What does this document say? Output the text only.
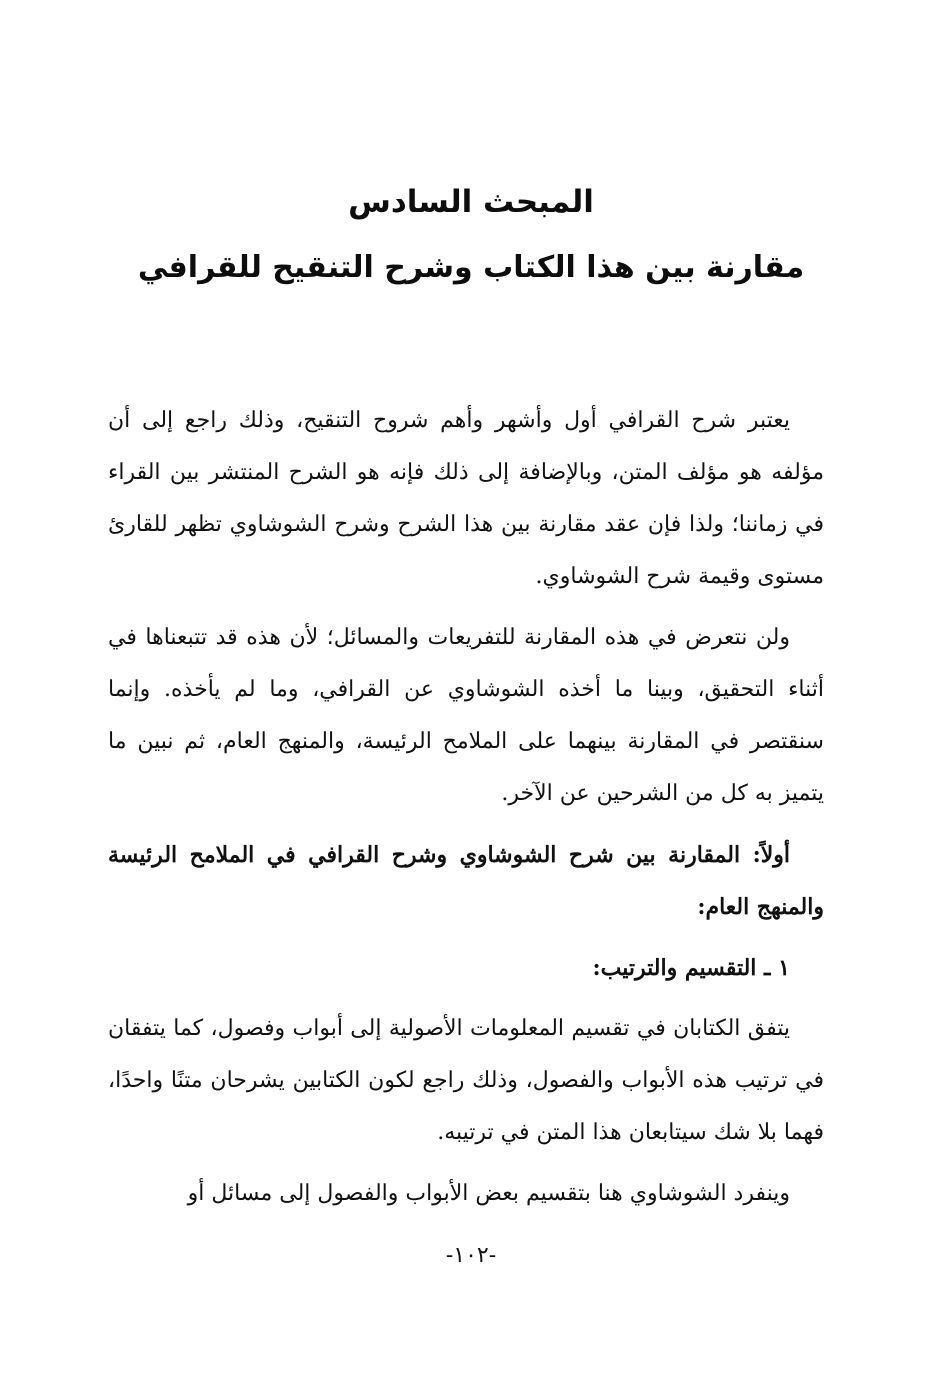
المبحث السادس
مقارنة بين هذا الكتاب وشرح التنقيح للقرافي

يعتبر شرح القرافي أول وأشهر وأهم شروح التنقيح، وذلك راجع إلى أن مؤلفه هو مؤلف المتن، وبالإضافة إلى ذلك فإنه هو الشرح المنتشر بين القراء في زماننا؛ ولذا فإن عقد مقارنة بين هذا الشرح وشرح الشوشاوي تظهر للقارئ مستوى وقيمة شرح الشوشاوي.

ولن نتعرض في هذه المقارنة للتفريعات والمسائل؛ لأن هذه قد تتبعناها في أثناء التحقيق، وبينا ما أخذه الشوشاوي عن القرافي، وما لم يأخذه. وإنما سنقتصر في المقارنة بينهما على الملامح الرئيسة، والمنهج العام، ثم نبين ما يتميز به كل من الشرحين عن الآخر.

أولاً: المقارنة بين شرح الشوشاوي وشرح القرافي في الملامح الرئيسة والمنهج العام:

١ ـ التقسيم والترتيب:

يتفق الكتابان في تقسيم المعلومات الأصولية إلى أبواب وفصول، كما يتفقان في ترتيب هذه الأبواب والفصول، وذلك راجع لكون الكتابين يشرحان متنًا واحدًا، فهما بلا شك سيتابعان هذا المتن في ترتيبه.

وينفرد الشوشاوي هنا بتقسيم بعض الأبواب والفصول إلى مسائل أو

-١٠٢-
